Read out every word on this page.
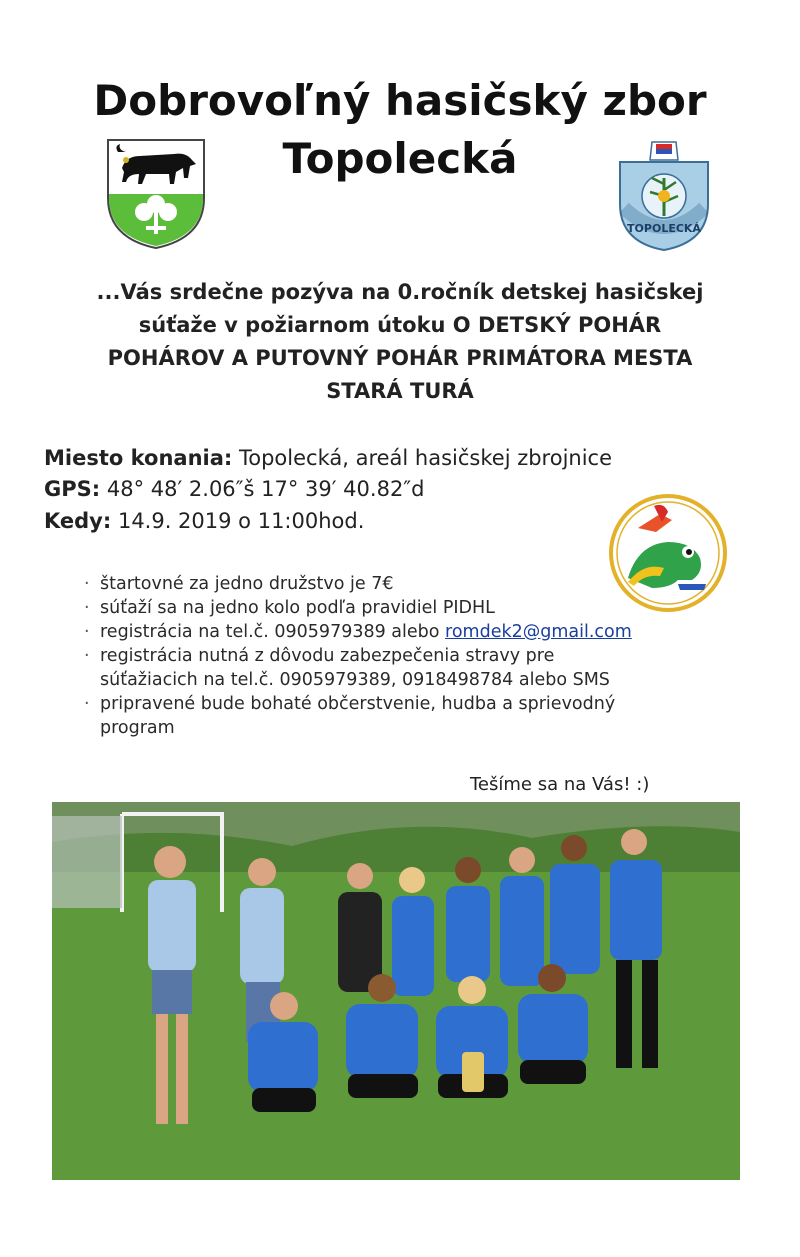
Dobrovoľný hasičský zbor
Topolecká
TOPOLECKÁ
...Vás srdečne pozýva na 0.ročník detskej hasičskej
súťaže v požiarnom útoku O DETSKÝ POHÁR
POHÁROV A PUTOVNÝ POHÁR PRIMÁTORA MESTA
STARÁ TURÁ
Miesto konania: Topolecká, areál hasičskej zbrojnice
GPS: 48° 48′ 2.06″š 17° 39′ 40.82″d
Kedy: 14.9. 2019 o 11:00hod.
· štartovné za jedno družstvo je 7€
· súťaží sa na jedno kolo podľa pravidiel PIDHL
· registrácia na tel.č. 0905979389 alebo romdek2@gmail.com
· registrácia nutná z dôvodu zabezpečenia stravy pre
súťažiacich na tel.č. 0905979389, 0918498784 alebo SMS
· pripravené bude bohaté občerstvenie, hudba a sprievodný
program
Tešíme sa na Vás! :)
